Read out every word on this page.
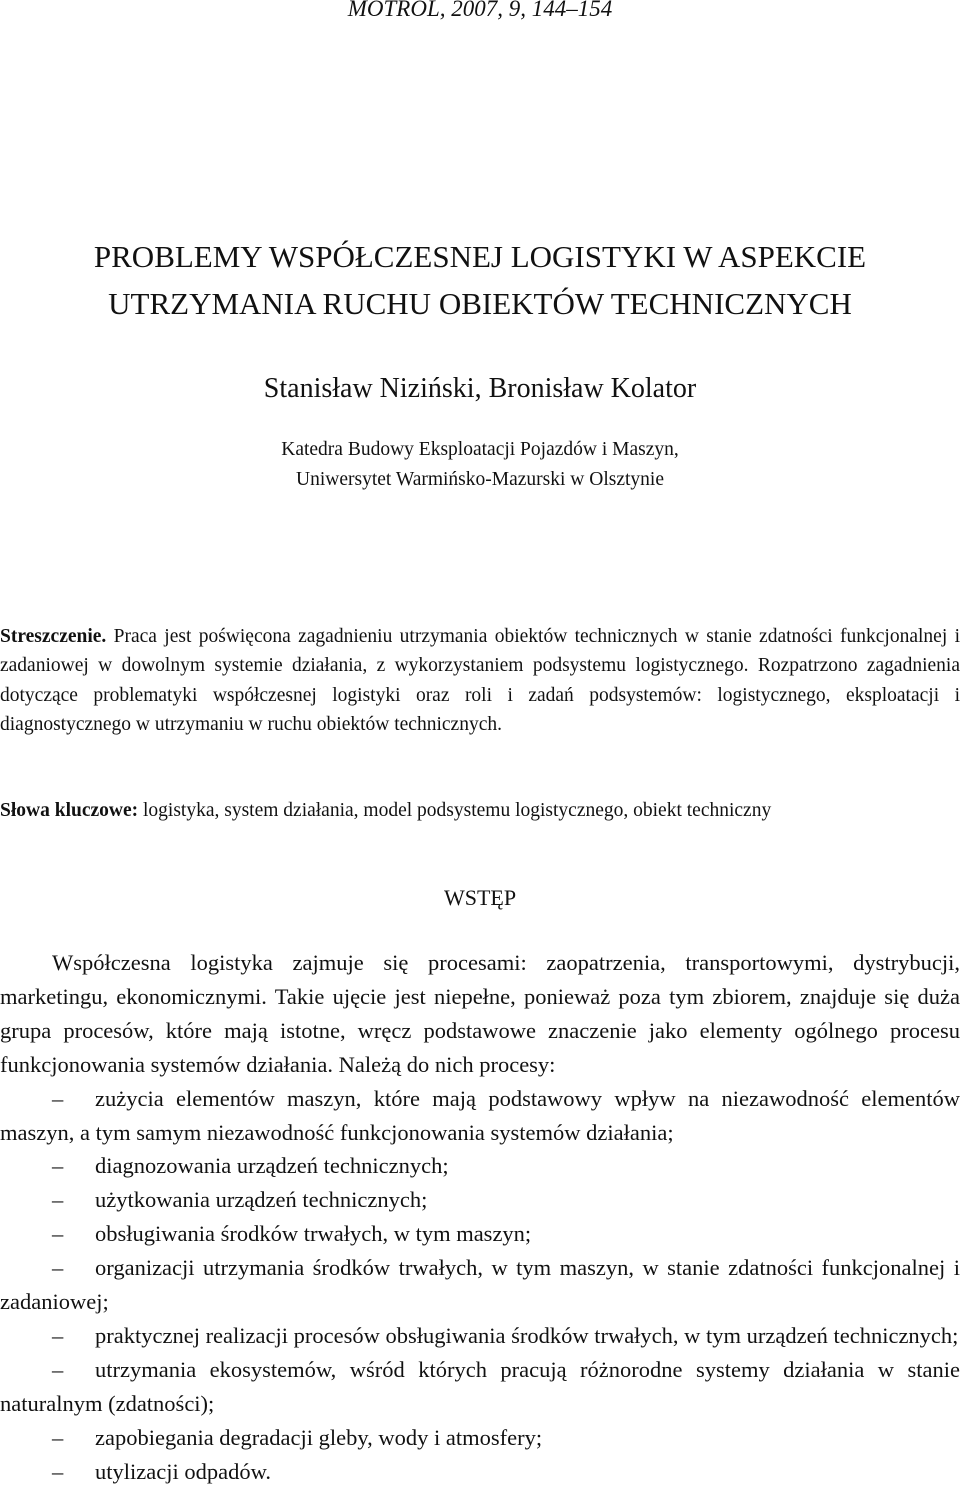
MOTROL, 2007, 9, 144–154
PROBLEMY WSPÓŁCZESNEJ LOGISTYKI W ASPEKCIE
UTRZYMANIA RUCHU OBIEKTÓW TECHNICZNYCH
Stanisław Niziński, Bronisław Kolator
Katedra Budowy Eksploatacji Pojazdów i Maszyn,
Uniwersytet Warmińsko-Mazurski w Olsztynie

Streszczenie. Praca jest poświęcona zagadnieniu utrzymania obiektów technicznych w stanie zdatności funkcjonalnej i zadaniowej w dowolnym systemie działania, z wykorzystaniem podsystemu logistycznego. Rozpatrzono zagadnienia dotyczące problematyki współczesnej logistyki oraz roli i zadań podsystemów: logistycznego, eksploatacji i diagnostycznego w utrzymaniu w ruchu obiektów technicznych.

Słowa kluczowe: logistyka, system działania, model podsystemu logistycznego, obiekt techniczny

WSTĘP

Współczesna logistyka zajmuje się procesami: zaopatrzenia, transportowymi, dystrybucji, marketingu, ekonomicznymi. Takie ujęcie jest niepełne, ponieważ poza tym zbiorem, znajduje się duża grupa procesów, które mają istotne, wręcz podstawowe znaczenie jako elementy ogólnego procesu funkcjonowania systemów działania. Należą do nich procesy:

– zużycia elementów maszyn, które mają podstawowy wpływ na niezawodność elementów maszyn, a tym samym niezawodność funkcjonowania systemów działania;
– diagnozowania urządzeń technicznych;
– użytkowania urządzeń technicznych;
– obsługiwania środków trwałych, w tym maszyn;
– organizacji utrzymania środków trwałych, w tym maszyn, w stanie zdatności funkcjonalnej i zadaniowej;
– praktycznej realizacji procesów obsługiwania środków trwałych, w tym urządzeń technicznych;
– utrzymania ekosystemów, wśród których pracują różnorodne systemy działania w stanie naturalnym (zdatności);
– zapobiegania degradacji gleby, wody i atmosfery;
– utylizacji odpadów.
